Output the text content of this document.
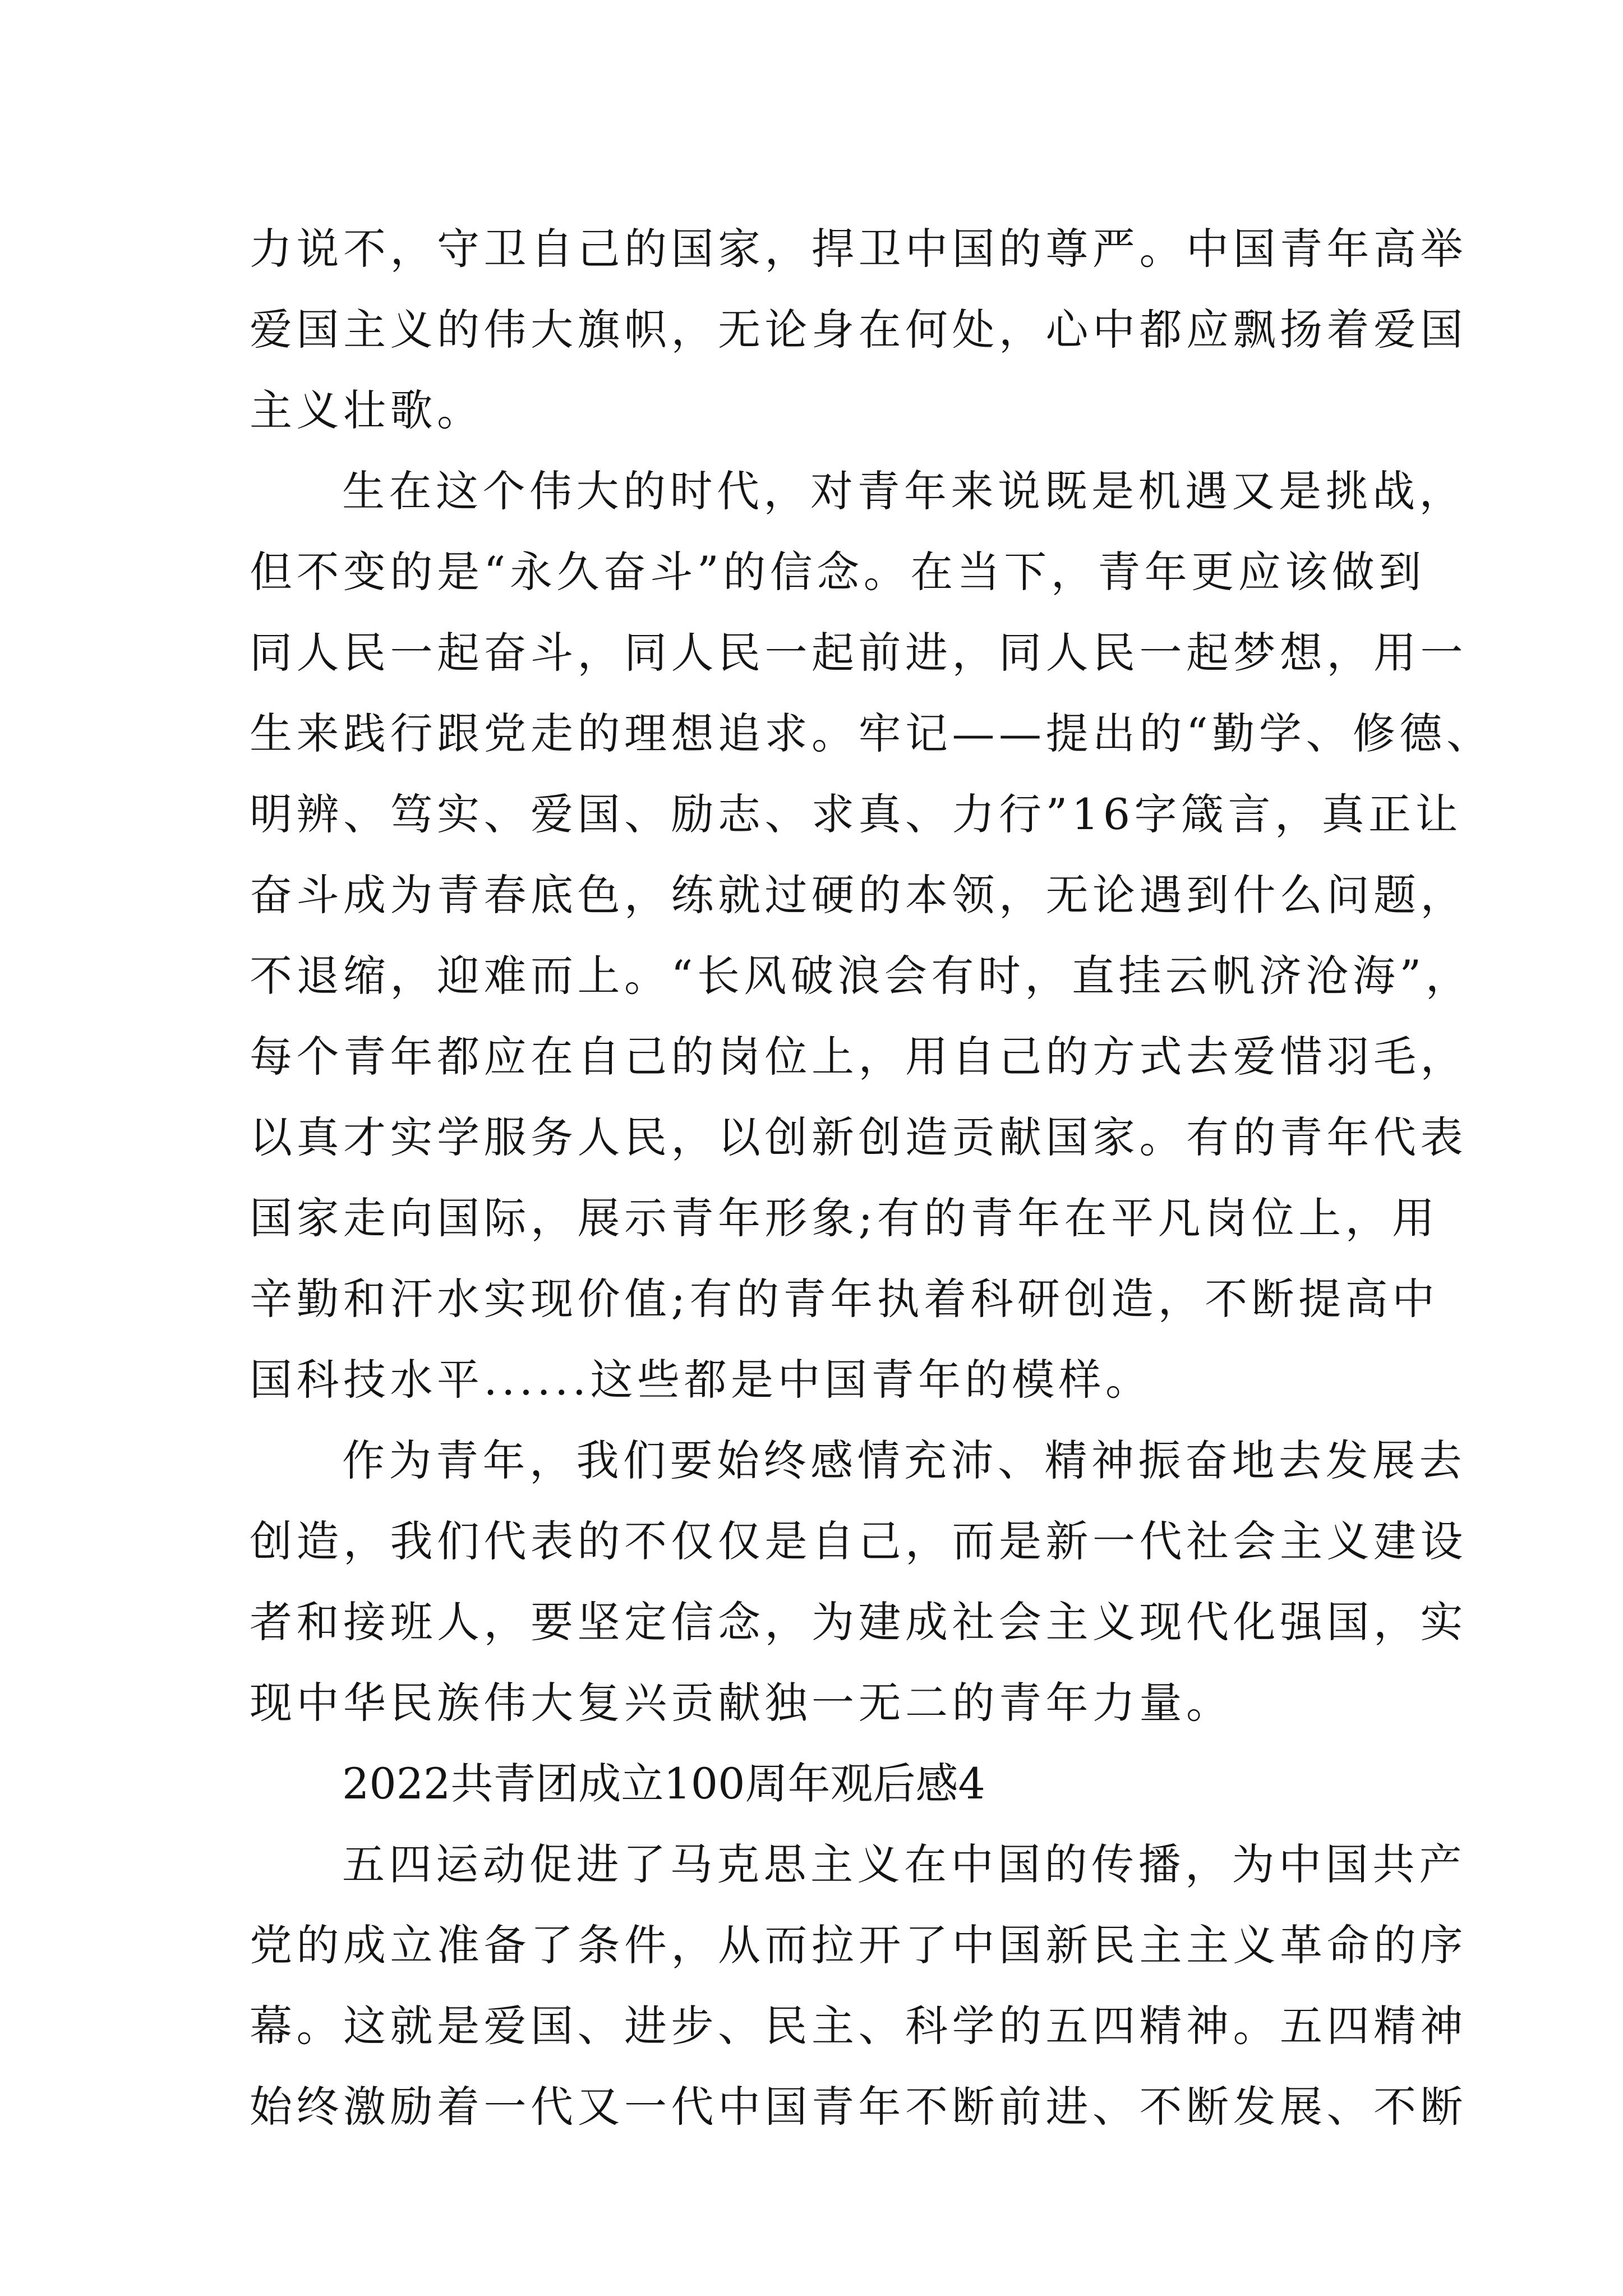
力说不，守卫自己的国家，捍卫中国的尊严。中国青年高举
爱国主义的伟大旗帜，无论身在何处，心中都应飘扬着爱国
主义壮歌。
生在这个伟大的时代，对青年来说既是机遇又是挑战，
但不变的是“永久奋斗”的信念。在当下，青年更应该做到
同人民一起奋斗，同人民一起前进，同人民一起梦想，用一
生来践行跟党走的理想追求。牢记——提出的“勤学、修德、
明辨、笃实、爱国、励志、求真、力行”16字箴言，真正让
奋斗成为青春底色，练就过硬的本领，无论遇到什么问题，
不退缩，迎难而上。“长风破浪会有时，直挂云帆济沧海”，
每个青年都应在自己的岗位上，用自己的方式去爱惜羽毛，
以真才实学服务人民，以创新创造贡献国家。有的青年代表
国家走向国际，展示青年形象;有的青年在平凡岗位上，用
辛勤和汗水实现价值;有的青年执着科研创造，不断提高中
国科技水平......这些都是中国青年的模样。
作为青年，我们要始终感情充沛、精神振奋地去发展去
创造，我们代表的不仅仅是自己，而是新一代社会主义建设
者和接班人，要坚定信念，为建成社会主义现代化强国，实
现中华民族伟大复兴贡献独一无二的青年力量。
2022共青团成立100周年观后感4
五四运动促进了马克思主义在中国的传播，为中国共产
党的成立准备了条件，从而拉开了中国新民主主义革命的序
幕。这就是爱国、进步、民主、科学的五四精神。五四精神
始终激励着一代又一代中国青年不断前进、不断发展、不断
